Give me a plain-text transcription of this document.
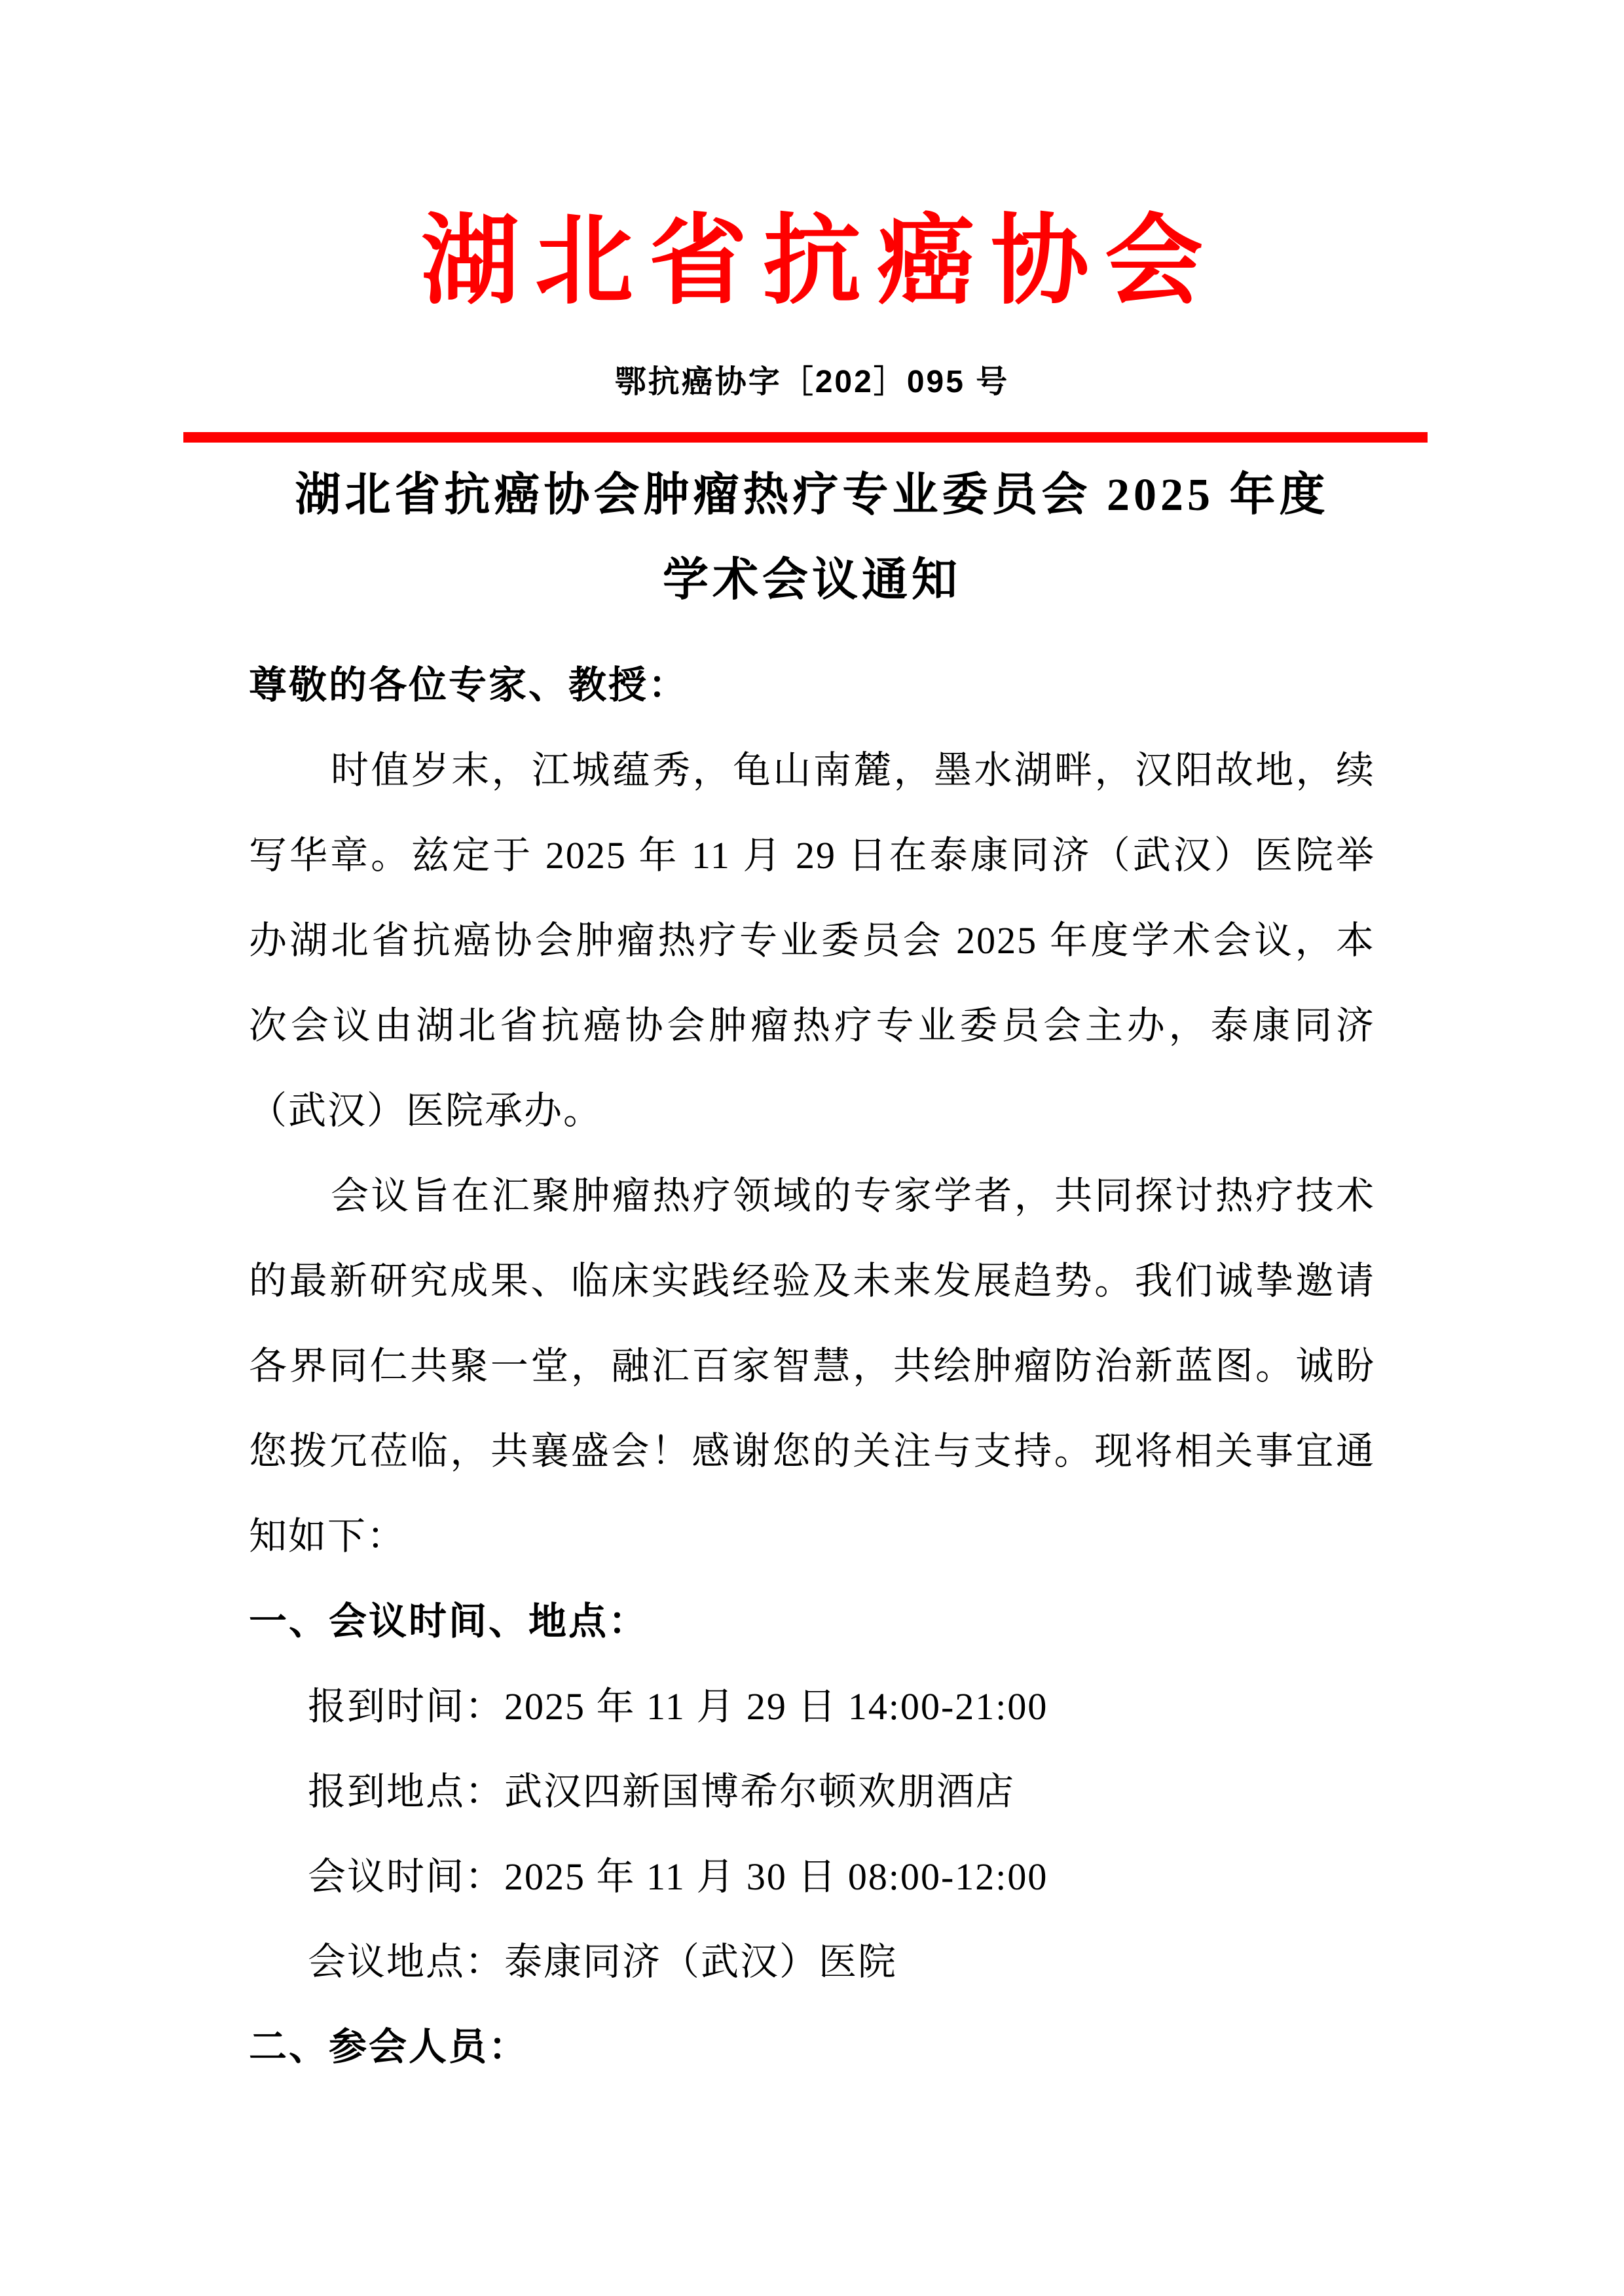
湖北省抗癌协会
鄂抗癌协字［202］095 号
湖北省抗癌协会肿瘤热疗专业委员会 2025 年度
学术会议通知
尊敬的各位专家、教授：
时值岁末，江城蕴秀，龟山南麓，墨水湖畔，汉阳故地，续
写华章。兹定于 2025 年 11 月 29 日在泰康同济（武汉）医院举
办湖北省抗癌协会肿瘤热疗专业委员会 2025 年度学术会议，本
次会议由湖北省抗癌协会肿瘤热疗专业委员会主办，泰康同济
（武汉）医院承办。
会议旨在汇聚肿瘤热疗领域的专家学者，共同探讨热疗技术
的最新研究成果、临床实践经验及未来发展趋势。我们诚挚邀请
各界同仁共聚一堂，融汇百家智慧，共绘肿瘤防治新蓝图。诚盼
您拨冗莅临，共襄盛会！感谢您的关注与支持。现将相关事宜通
知如下：
一、会议时间、地点：
报到时间：2025 年 11 月 29 日 14:00-21:00
报到地点：武汉四新国博希尔顿欢朋酒店
会议时间：2025 年 11 月 30 日 08:00-12:00
会议地点：泰康同济（武汉）医院
二、参会人员：
